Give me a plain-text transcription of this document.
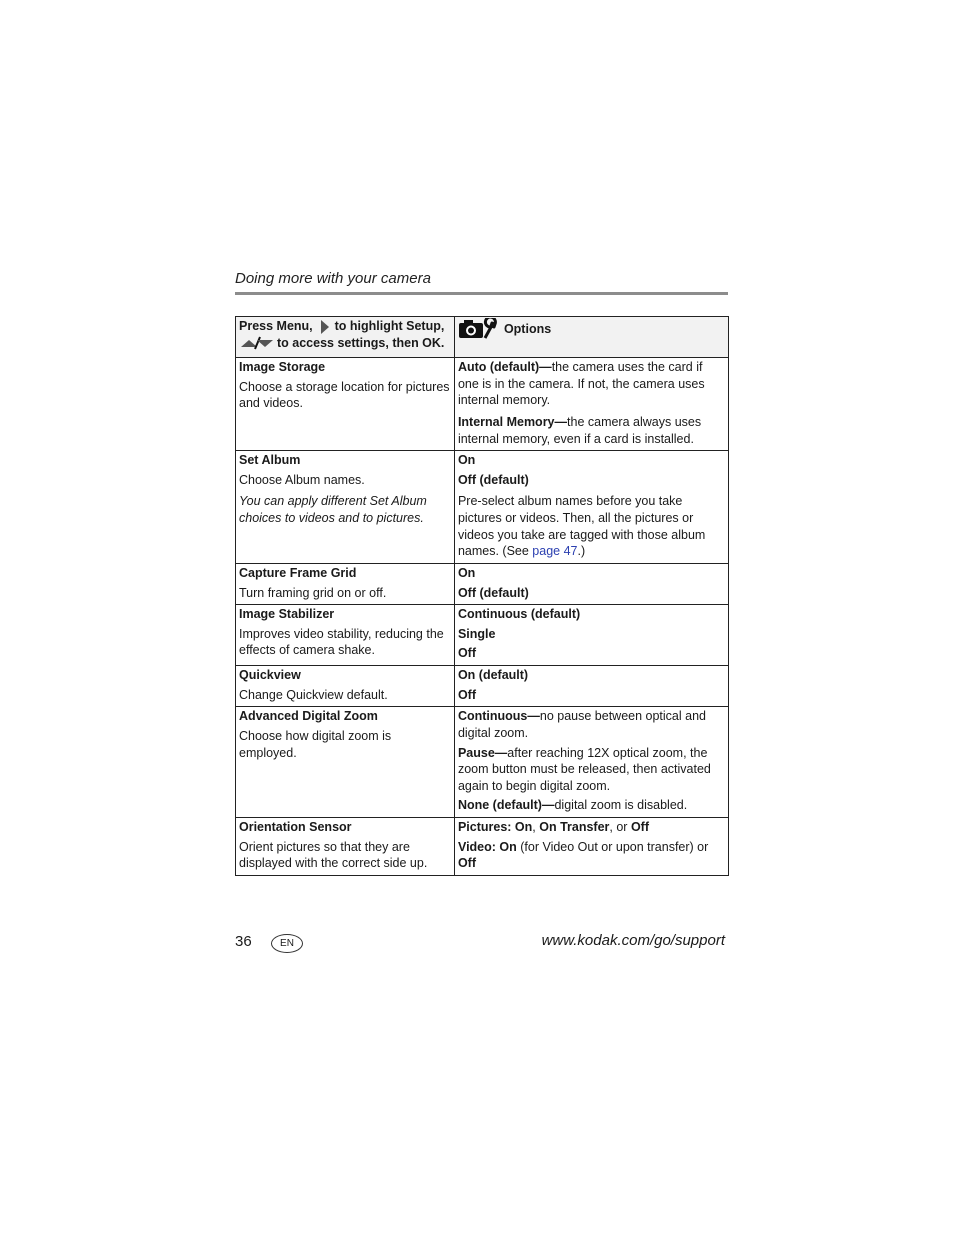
Doing more with your camera
Press Menu, to highlight Setup,
to access settings, then OK.	Options

Image Storage
Choose a storage location for pictures and videos.	Auto (default)—the camera uses the card if one is in the camera. If not, the camera uses internal memory.
Internal Memory—the camera always uses internal memory, even if a card is installed.

Set Album
Choose Album names.
You can apply different Set Album choices to videos and to pictures.	On
Off (default)
Pre-select album names before you take pictures or videos. Then, all the pictures or videos you take are tagged with those album names. (See page 47.)

Capture Frame Grid
Turn framing grid on or off.	On
Off (default)

Image Stabilizer
Improves video stability, reducing the effects of camera shake.	Continuous (default)
Single
Off

Quickview
Change Quickview default.	On (default)
Off

Advanced Digital Zoom
Choose how digital zoom is employed.	Continuous—no pause between optical and digital zoom.
Pause—after reaching 12X optical zoom, the zoom button must be released, then activated again to begin digital zoom.
None (default)—digital zoom is disabled.

Orientation Sensor
Orient pictures so that they are displayed with the correct side up.	Pictures: On, On Transfer, or Off
Video: On (for Video Out or upon transfer) or Off
36	EN	www.kodak.com/go/support
